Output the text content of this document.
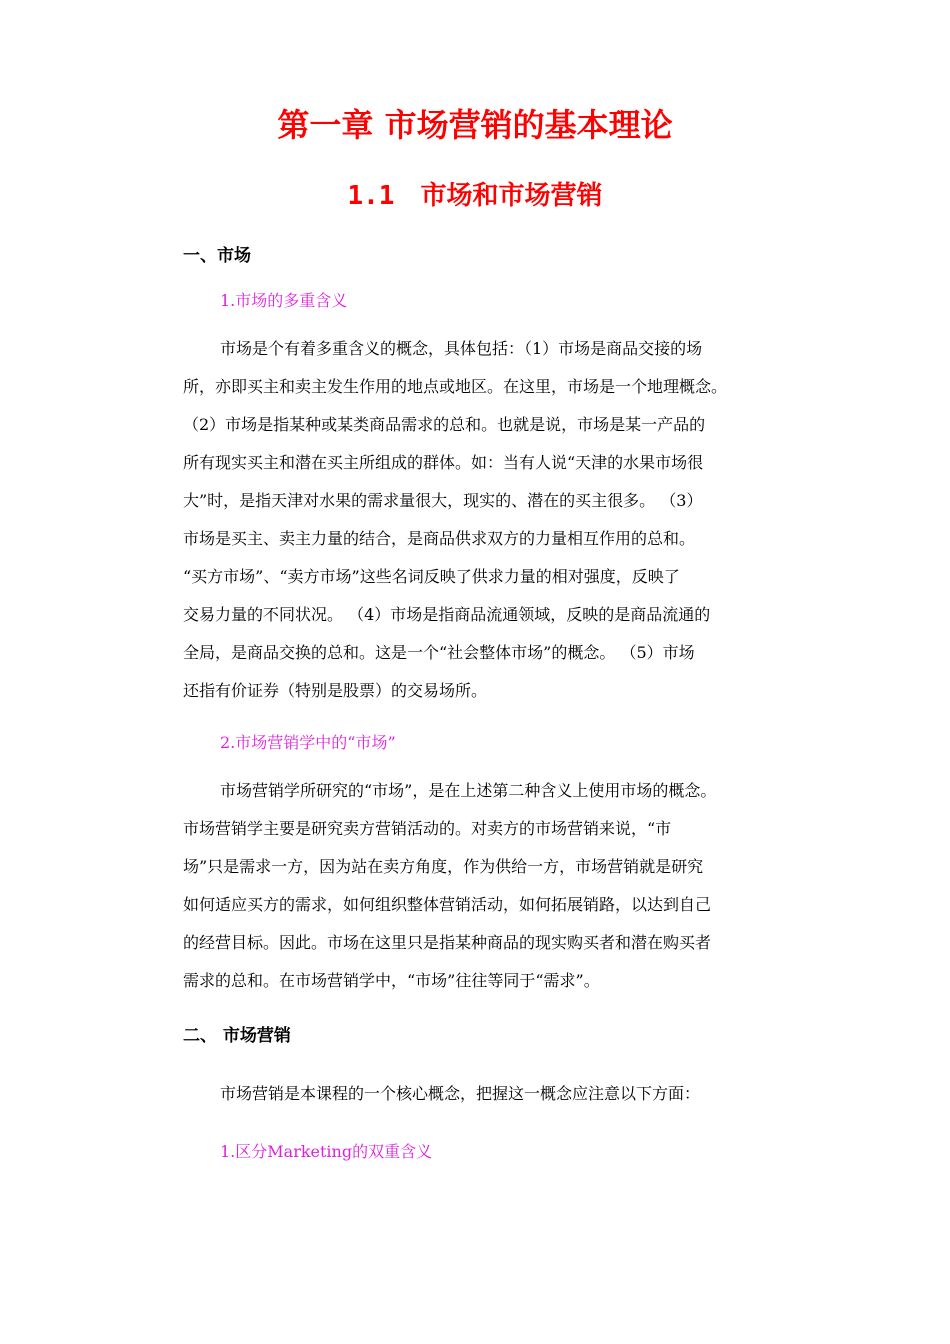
第一章 市场营销的基本理论
1.1 市场和市场营销
一、市场
1.市场的多重含义
市场是个有着多重含义的概念，具体包括：（1）市场是商品交接的场
所，亦即买主和卖主发生作用的地点或地区。在这里，市场是一个地理概念。
（2）市场是指某种或某类商品需求的总和。也就是说，市场是某一产品的
所有现实买主和潜在买主所组成的群体。如：当有人说“天津的水果市场很
大”时，是指天津对水果的需求量很大，现实的、潜在的买主很多。 （3）
市场是买主、卖主力量的结合，是商品供求双方的力量相互作用的总和。
“买方市场”、“卖方市场”这些名词反映了供求力量的相对强度，反映了
交易力量的不同状况。 （4）市场是指商品流通领域，反映的是商品流通的
全局，是商品交换的总和。这是一个“社会整体市场”的概念。 （5）市场
还指有价证券（特别是股票）的交易场所。
2.市场营销学中的“市场”
市场营销学所研究的“市场”，是在上述第二种含义上使用市场的概念。
市场营销学主要是研究卖方营销活动的。对卖方的市场营销来说，“市
场”只是需求一方，因为站在卖方角度，作为供给一方，市场营销就是研究
如何适应买方的需求，如何组织整体营销活动，如何拓展销路，以达到自己
的经营目标。因此。市场在这里只是指某种商品的现实购买者和潜在购买者
需求的总和。在市场营销学中，“市场”往往等同于“需求”。
二、 市场营销
市场营销是本课程的一个核心概念，把握这一概念应注意以下方面：
1.区分Marketing的双重含义
